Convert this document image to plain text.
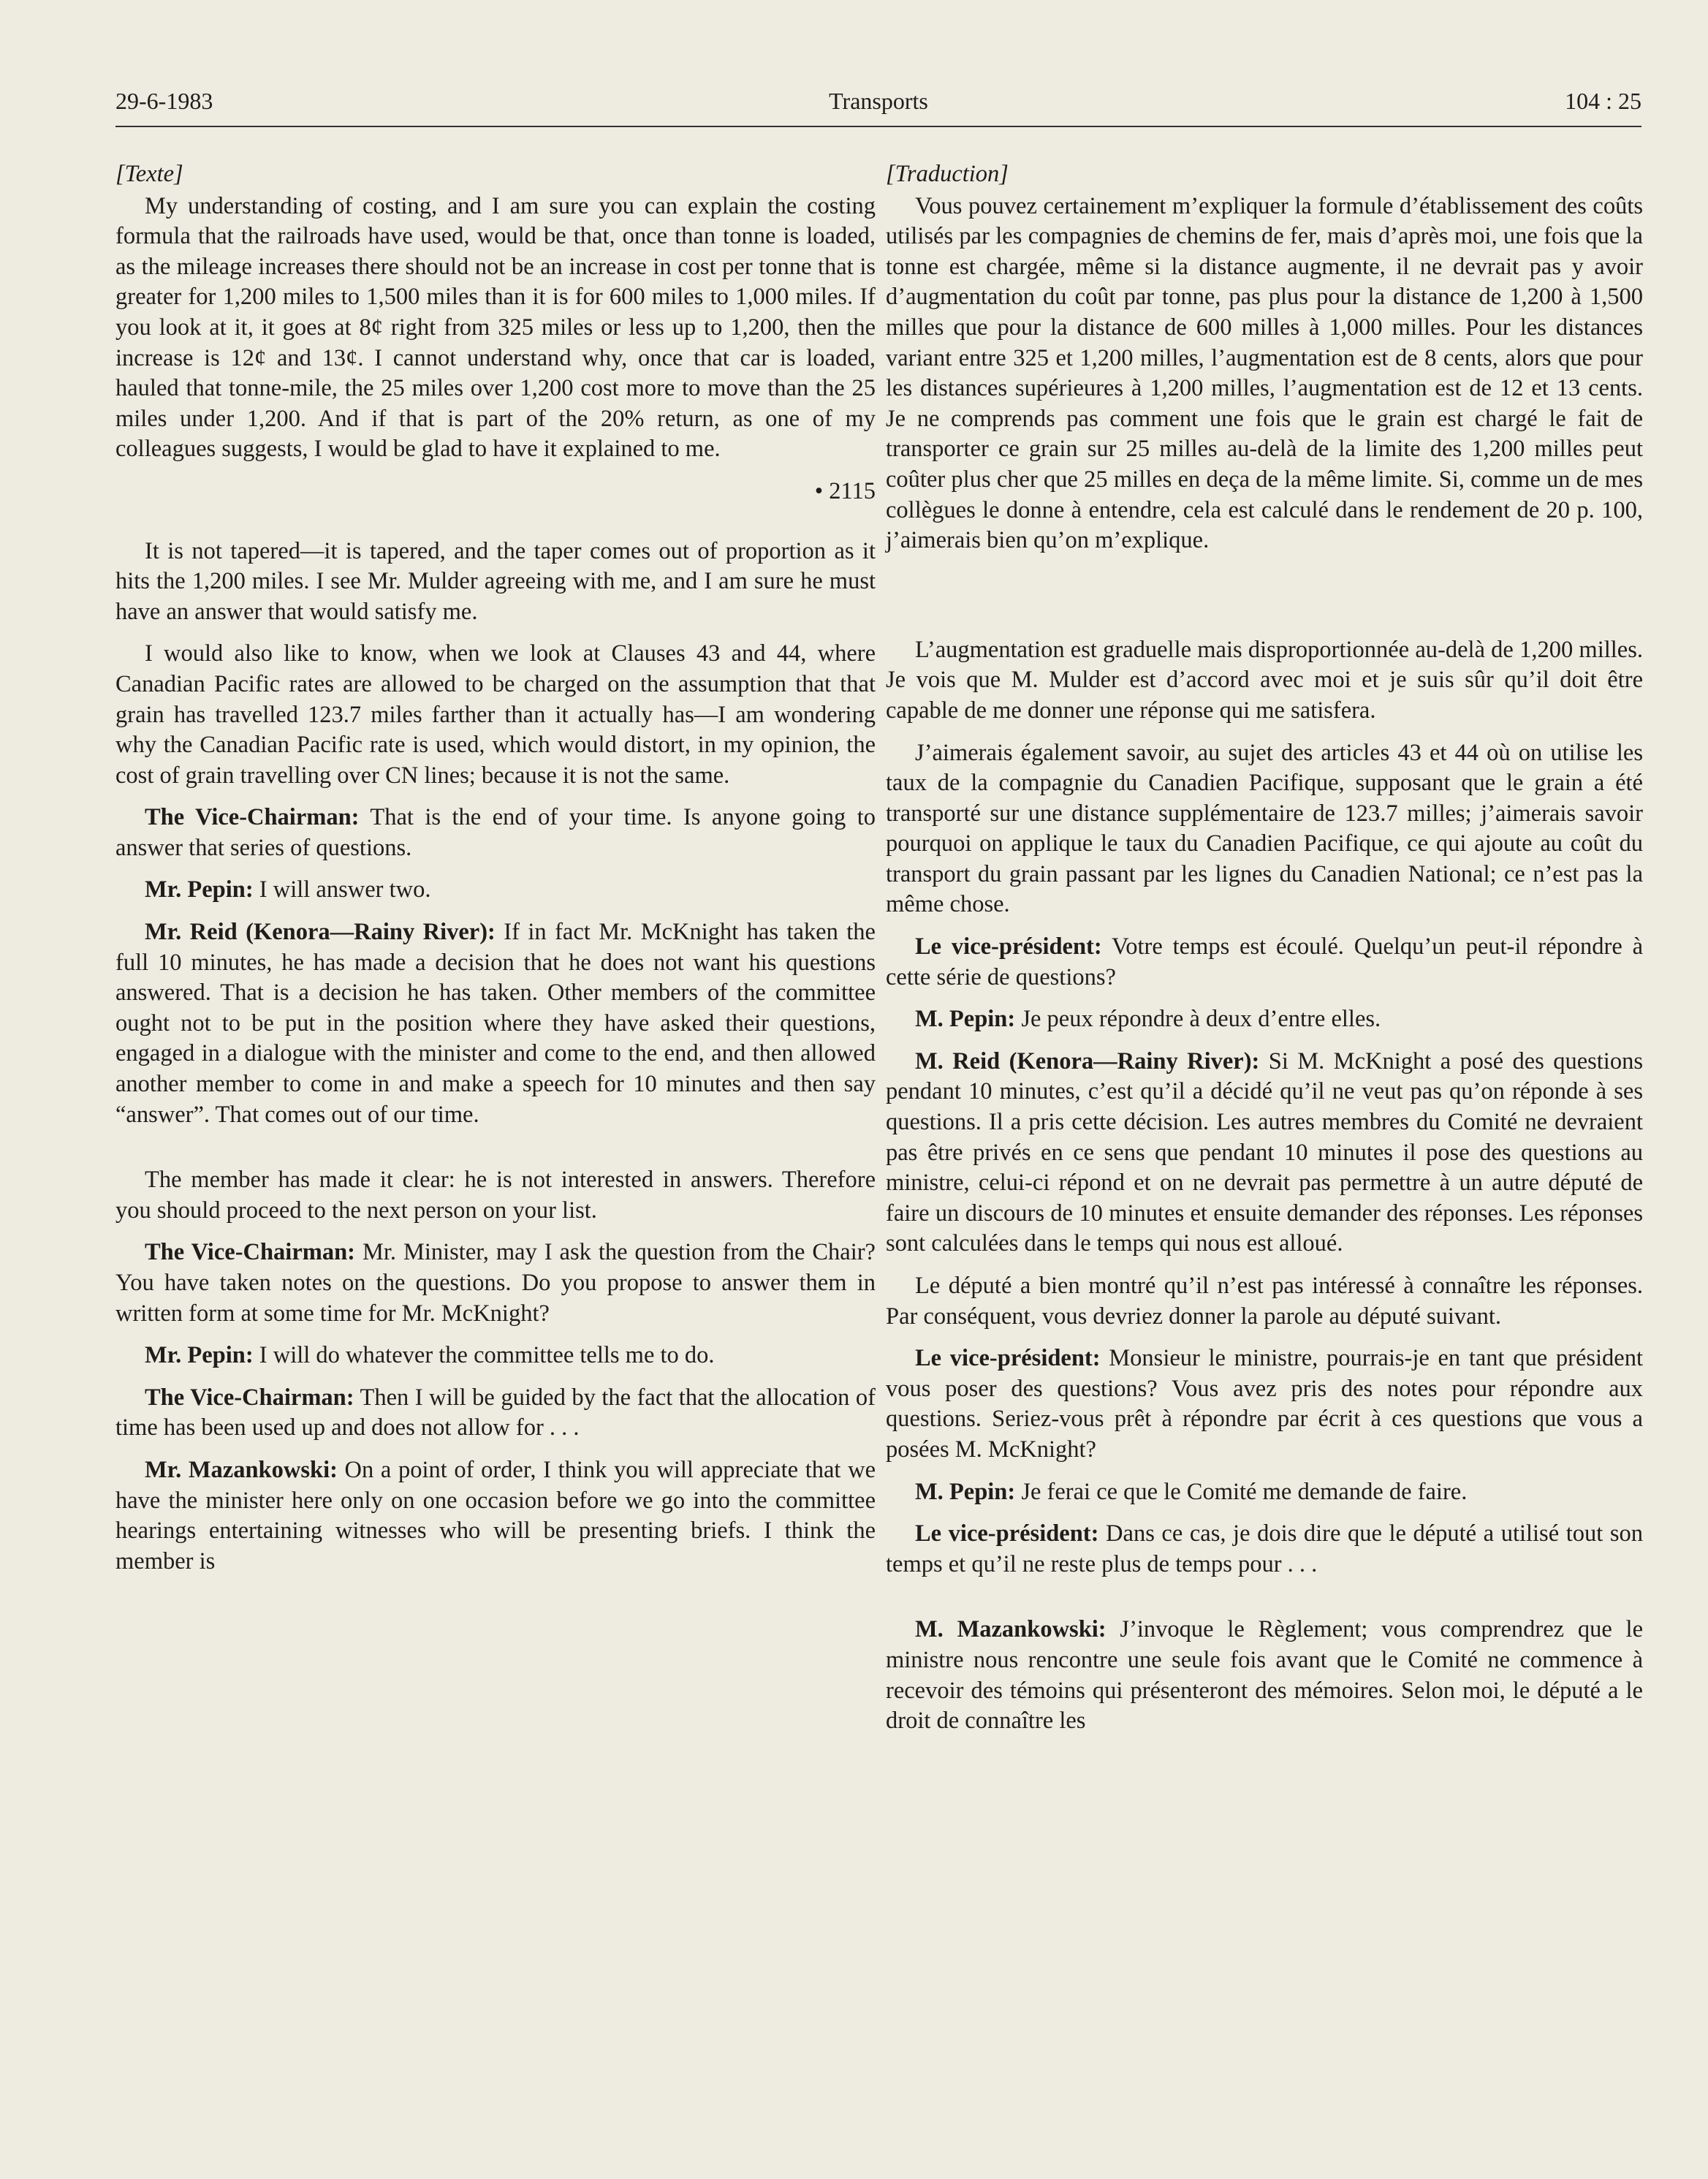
29-6-1983	Transports	104 : 25

[Texte]

My understanding of costing, and I am sure you can explain the costing formula that the railroads have used, would be that, once than tonne is loaded, as the mileage increases there should not be an increase in cost per tonne that is greater for 1,200 miles to 1,500 miles than it is for 600 miles to 1,000 miles. If you look at it, it goes at 8¢ right from 325 miles or less up to 1,200, then the increase is 12¢ and 13¢. I cannot understand why, once that car is loaded, hauled that tonne-mile, the 25 miles over 1,200 cost more to move than the 25 miles under 1,200. And if that is part of the 20% return, as one of my colleagues suggests, I would be glad to have it explained to me.

• 2115

It is not tapered—it is tapered, and the taper comes out of proportion as it hits the 1,200 miles. I see Mr. Mulder agreeing with me, and I am sure he must have an answer that would satisfy me.

I would also like to know, when we look at Clauses 43 and 44, where Canadian Pacific rates are allowed to be charged on the assumption that that grain has travelled 123.7 miles farther than it actually has—I am wondering why the Canadian Pacific rate is used, which would distort, in my opinion, the cost of grain travelling over CN lines; because it is not the same.

The Vice-Chairman: That is the end of your time. Is anyone going to answer that series of questions.

Mr. Pepin: I will answer two.

Mr. Reid (Kenora—Rainy River): If in fact Mr. McKnight has taken the full 10 minutes, he has made a decision that he does not want his questions answered. That is a decision he has taken. Other members of the committee ought not to be put in the position where they have asked their questions, engaged in a dialogue with the minister and come to the end, and then allowed another member to come in and make a speech for 10 minutes and then say “answer”. That comes out of our time.

The member has made it clear: he is not interested in answers. Therefore you should proceed to the next person on your list.

The Vice-Chairman: Mr. Minister, may I ask the question from the Chair? You have taken notes on the questions. Do you propose to answer them in written form at some time for Mr. McKnight?

Mr. Pepin: I will do whatever the committee tells me to do.

The Vice-Chairman: Then I will be guided by the fact that the allocation of time has been used up and does not allow for . . .

Mr. Mazankowski: On a point of order, I think you will appreciate that we have the minister here only on one occasion before we go into the committee hearings entertaining witnesses who will be presenting briefs. I think the member is

[Traduction]

Vous pouvez certainement m’expliquer la formule d’établissement des coûts utilisés par les compagnies de chemins de fer, mais d’après moi, une fois que la tonne est chargée, même si la distance augmente, il ne devrait pas y avoir d’augmentation du coût par tonne, pas plus pour la distance de 1,200 à 1,500 milles que pour la distance de 600 milles à 1,000 milles. Pour les distances variant entre 325 et 1,200 milles, l’augmentation est de 8 cents, alors que pour les distances supérieures à 1,200 milles, l’augmentation est de 12 et 13 cents. Je ne comprends pas comment une fois que le grain est chargé le fait de transporter ce grain sur 25 milles au-delà de la limite des 1,200 milles peut coûter plus cher que 25 milles en deça de la même limite. Si, comme un de mes collègues le donne à entendre, cela est calculé dans le rendement de 20 p. 100, j’aimerais bien qu’on m’explique.

L’augmentation est graduelle mais disproportionnée au-delà de 1,200 milles. Je vois que M. Mulder est d’accord avec moi et je suis sûr qu’il doit être capable de me donner une réponse qui me satisfera.

J’aimerais également savoir, au sujet des articles 43 et 44 où on utilise les taux de la compagnie du Canadien Pacifique, supposant que le grain a été transporté sur une distance supplémentaire de 123.7 milles; j’aimerais savoir pourquoi on applique le taux du Canadien Pacifique, ce qui ajoute au coût du transport du grain passant par les lignes du Canadien National; ce n’est pas la même chose.

Le vice-président: Votre temps est écoulé. Quelqu’un peut-il répondre à cette série de questions?

M. Pepin: Je peux répondre à deux d’entre elles.

M. Reid (Kenora—Rainy River): Si M. McKnight a posé des questions pendant 10 minutes, c’est qu’il a décidé qu’il ne veut pas qu’on réponde à ses questions. Il a pris cette décision. Les autres membres du Comité ne devraient pas être privés en ce sens que pendant 10 minutes il pose des questions au ministre, celui-ci répond et on ne devrait pas permettre à un autre député de faire un discours de 10 minutes et ensuite demander des réponses. Les réponses sont calculées dans le temps qui nous est alloué.

Le député a bien montré qu’il n’est pas intéressé à connaître les réponses. Par conséquent, vous devriez donner la parole au député suivant.

Le vice-président: Monsieur le ministre, pourrais-je en tant que président vous poser des questions? Vous avez pris des notes pour répondre aux questions. Seriez-vous prêt à répondre par écrit à ces questions que vous a posées M. McKnight?

M. Pepin: Je ferai ce que le Comité me demande de faire.

Le vice-président: Dans ce cas, je dois dire que le député a utilisé tout son temps et qu’il ne reste plus de temps pour . . .

M. Mazankowski: J’invoque le Règlement; vous comprendrez que le ministre nous rencontre une seule fois avant que le Comité ne commence à recevoir des témoins qui présenteront des mémoires. Selon moi, le député a le droit de connaître les
